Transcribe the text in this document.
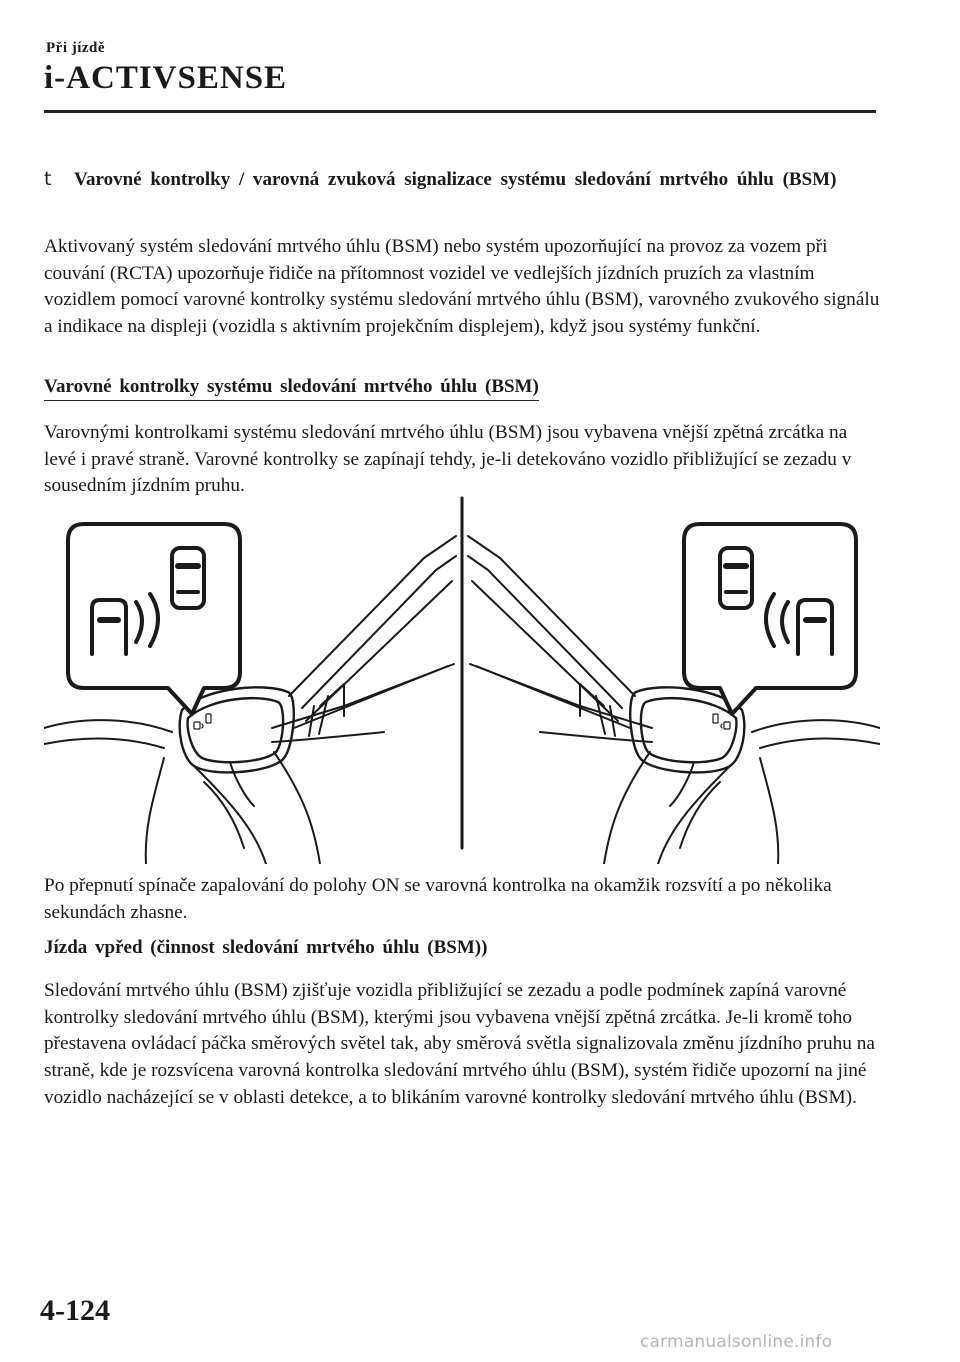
Při jízdě
i-ACTIVSENSE
t Varovné kontrolky / varovná zvuková signalizace systému sledování mrtvého úhlu (BSM)
Aktivovaný systém sledování mrtvého úhlu (BSM) nebo systém upozorňující na provoz za vozem při couvání (RCTA) upozorňuje řidiče na přítomnost vozidel ve vedlejších jízdních pruzích za vlastním vozidlem pomocí varovné kontrolky systému sledování mrtvého úhlu (BSM), varovného zvukového signálu a indikace na displeji (vozidla s aktivním projekčním displejem), když jsou systémy funkční.
Varovné kontrolky systému sledování mrtvého úhlu (BSM)
Varovnými kontrolkami systému sledování mrtvého úhlu (BSM) jsou vybavena vnější zpětná zrcátka na levé i pravé straně. Varovné kontrolky se zapínají tehdy, je-li detekováno vozidlo přibližující se zezadu v sousedním jízdním pruhu.
Po přepnutí spínače zapalování do polohy ON se varovná kontrolka na okamžik rozsvítí a po několika sekundách zhasne.
Jízda vpřed (činnost sledování mrtvého úhlu (BSM))
Sledování mrtvého úhlu (BSM) zjišťuje vozidla přibližující se zezadu a podle podmínek zapíná varovné kontrolky sledování mrtvého úhlu (BSM), kterými jsou vybavena vnější zpětná zrcátka. Je-li kromě toho přestavena ovládací páčka směrových světel tak, aby směrová světla signalizovala změnu jízdního pruhu na straně, kde je rozsvícena varovná kontrolka sledování mrtvého úhlu (BSM), systém řidiče upozorní na jiné vozidlo nacházející se v oblasti detekce, a to blikáním varovné kontrolky sledování mrtvého úhlu (BSM).
4-124
carmanualsonline.info
